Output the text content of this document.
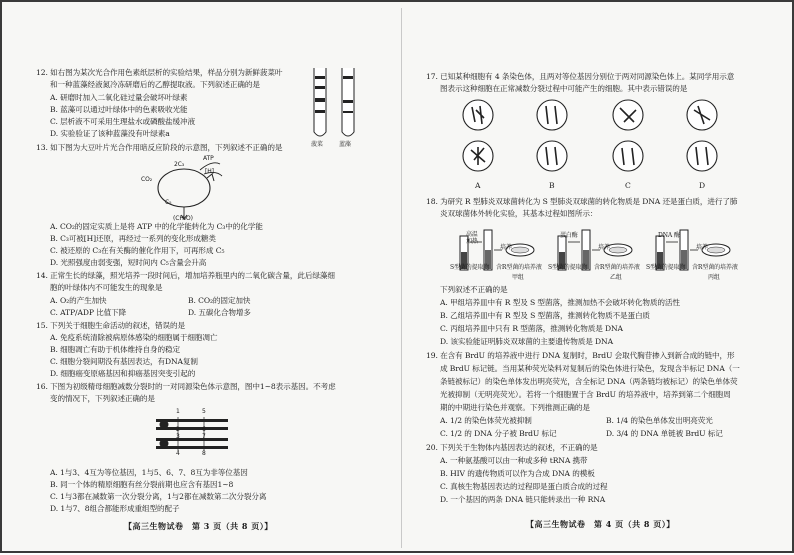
12. 如右图为某次光合作用色素纸层析的实验结果，样品分别为新鲜菠菜叶
和一种蓝藻经液氮冷冻研磨后的乙醇提取液。下列叙述正确的是
A. 研磨时加入二氧化硅过量会破坏叶绿素
B. 蓝藻可以通过叶绿体中的色素吸收光能
C. 层析液不可采用生理盐水或磷酸盐缓冲液
D. 实验验证了该种蓝藻没有叶绿素a
菠菜	蓝藻
13. 如下图为大豆叶片光合作用暗反应阶段的示意图，下列叙述不正确的是
ATP
[H]
2C₃
CO₂
C₅
(CH₂O)
A. CO₂的固定实质上是将 ATP 中的化学能转化为 C₃中的化学能
B. C₃可被[H]还原，再经过一系列的变化形成糖类
C. 被还原的 C₃在有关酶的催化作用下，可再形成 C₅
D. 光照强度由弱变强，短时间内 C₅含量会升高
14. 正常生长的绿藻，照光培养一段时间后，增加培养瓶里内的二氧化碳含量，此后绿藻细
胞的叶绿体内不可能发生的现象是
A. O₂的产生加快	B. CO₂的固定加快
C. ATP/ADP 比值下降	D. 五碳化合物增多
15. 下列关于细胞生命活动的叙述，错误的是
A. 免疫系统清除被病原体感染的细胞属于细胞凋亡
B. 细胞凋亡有助于机体维持自身的稳定
C. 细胞分裂间期没有基因表达，有DNA复制
D. 细胞癌变原癌基因和抑癌基因突变引起的
16. 下图为初级精母细胞减数分裂时的一对同源染色体示意图，图中1~8表示基因。不考虑
变的情况下，下列叙述正确的是
1	5
2	6
3	7
4	8
A. 1与3、4互为等位基因，1与5、6、7、8互为非等位基因
B. 同一个体的精原细胞有丝分裂前期也应含有基因1~8
C. 1与3都在减数第一次分裂分离，1与2都在减数第二次分裂分离
D. 1与7、8组合都能形成重组型的配子
【高三生物试卷　第 3 页（共 8 页）】
17. 已知某种细胞有 4 条染色体，且两对等位基因分别位于两对同源染色体上。某同学用示意
图表示这种细胞在正常减数分裂过程中可能产生的细胞。其中表示错误的是
A	B	C	D
18. 为研究 R 型肺炎双球菌转化为 S 型肺炎双球菌的转化物质是 DNA 还是蛋白质，进行了肺
炎双球菌体外转化实验，其基本过程如图所示：
高温
加热
蛋白酶	DNA 酶
培养	培养	培养
S型菌的提取物 含R型菌的培养液 S型菌的提取物 含R型菌的培养液 S型菌的提取物 含R型菌的培养液
甲组	乙组	丙组
下列叙述不正确的是
A. 甲组培养皿中有 R 型及 S 型菌落，推测加热不会破坏转化物质的活性
B. 乙组培养皿中有 R 型及 S 型菌落，推测转化物质不是蛋白质
C. 丙组培养皿中只有 R 型菌落，推测转化物质是 DNA
D. 该实验能证明肺炎双球菌的主要遗传物质是 DNA
19. 在含有 BrdU 的培养液中进行 DNA 复制时，BrdU 会取代胸苷掺入到新合成的链中，形
成 BrdU 标记链。当用某种荧光染料对复制后的染色体进行染色，发现含半标记 DNA（一
条链被标记）的染色单体发出明亮荧光，含全标记 DNA（两条链均被标记）的染色单体荧
光被抑制（无明亮荧光）。若将一个细胞置于含 BrdU 的培养液中，培养到第二个细胞周
期的中期进行染色并观察。下列推测正确的是
A. 1/2 的染色体荧光被抑制	B. 1/4 的染色单体发出明亮荧光
C. 1/2 的 DNA 分子被 BrdU 标记	D. 3/4 的 DNA 单链被 BrdU 标记
20. 下列关于生物体内基因表达的叙述，不正确的是
A. 一种氨基酸可以由一种或多种 tRNA 携带
B. HIV 的遗传物质可以作为合成 DNA 的模板
C. 真核生物基因表达的过程即是蛋白质合成的过程
D. 一个基因的两条 DNA 链只能转录出一种 RNA
【高三生物试卷　第 4 页（共 8 页）】
